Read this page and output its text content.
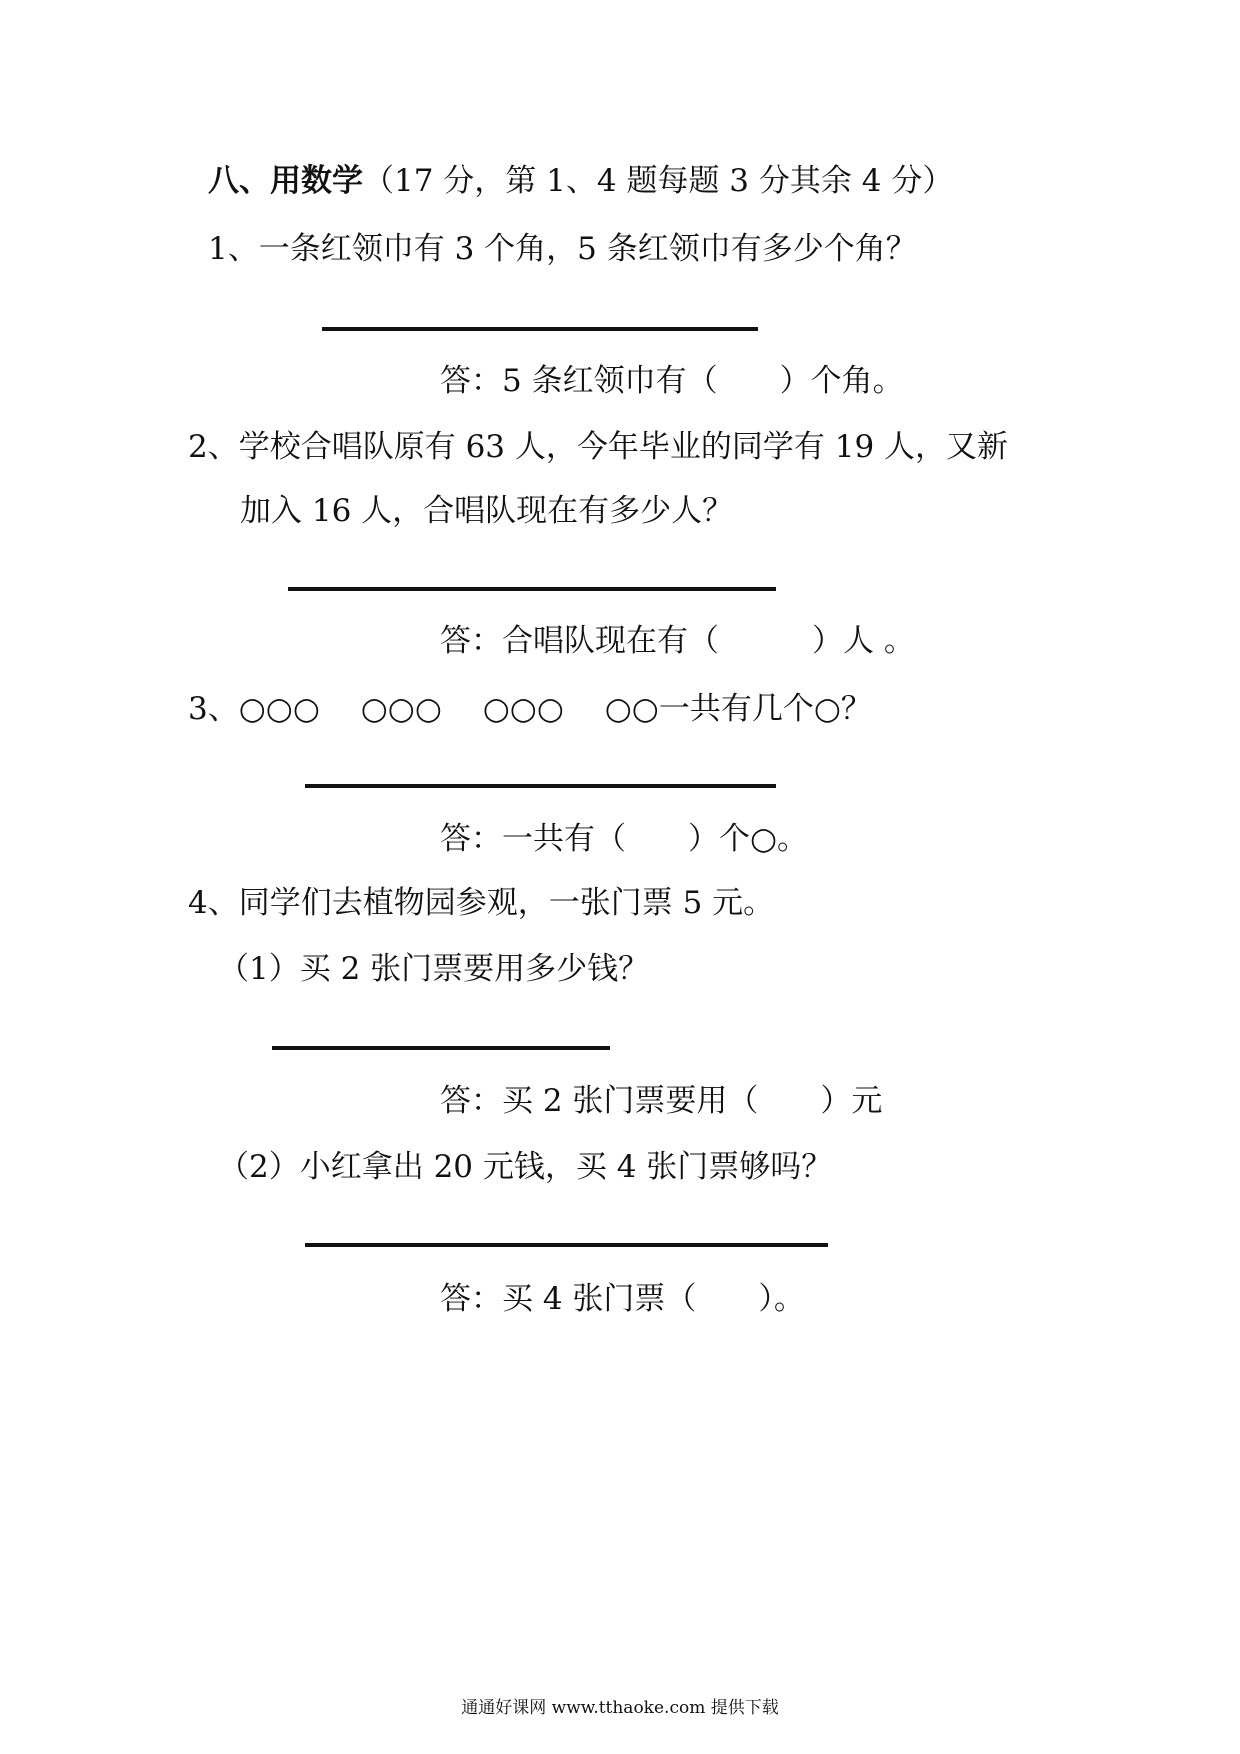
八、用数学（17 分，第 1、4 题每题 3 分其余 4 分）
1、一条红领巾有 3 个角，5 条红领巾有多少个角？
答：5 条红领巾有（　　）个角。
2、学校合唱队原有 63 人，今年毕业的同学有 19 人，又新
加入 16 人，合唱队现在有多少人？
答：合唱队现在有（　　　）人 。
3、○○○　 ○○○　 ○○○　 ○○一共有几个○？
答：一共有（　　）个○。
4、同学们去植物园参观，一张门票 5 元。
（1）买 2 张门票要用多少钱？
答：买 2 张门票要用（　　）元
（2）小红拿出 20 元钱，买 4 张门票够吗？
答：买 4 张门票（　　）。
通通好课网 www.tthaoke.com 提供下载
